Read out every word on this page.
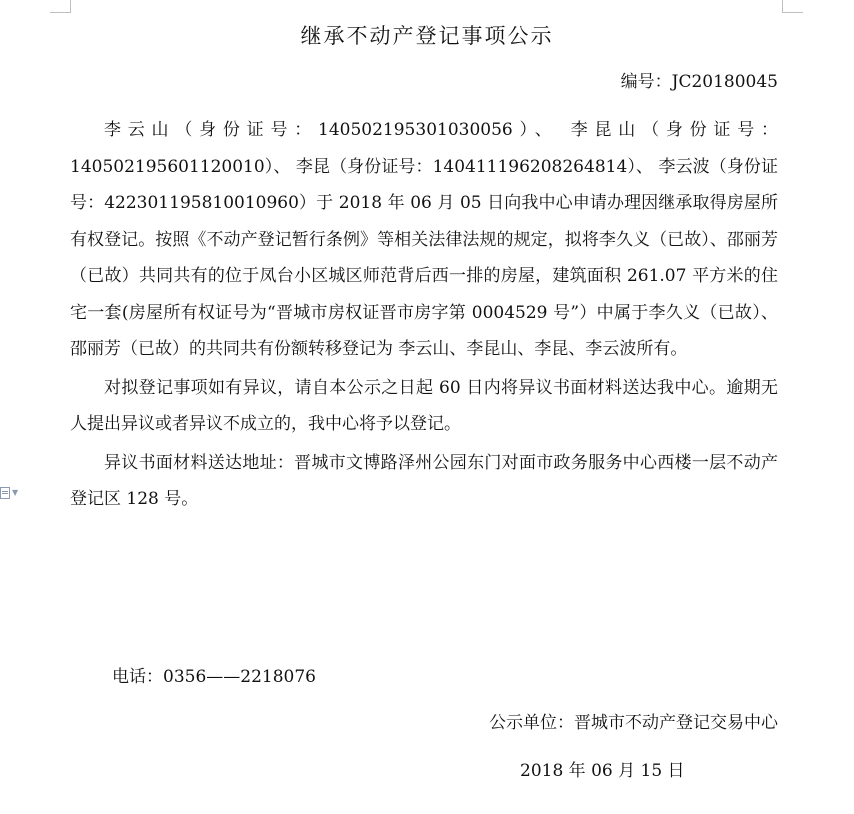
▼
继承不动产登记事项公示
编号：JC20180045

李云山（身份证号：140502195301030056）、 李昆山（身份证号：140502195601120010）、 李昆（身份证号：140411196208264814）、 李云波（身份证号：422301195810010960）于 2018 年 06 月 05 日向我中心申请办理因继承取得房屋所有权登记。按照《不动产登记暂行条例》等相关法律法规的规定，拟将李久义（已故）、邵丽芳（已故）共同共有的位于凤台小区城区师范背后西一排的房屋，建筑面积 261.07 平方米的住宅一套(房屋所有权证号为“晋城市房权证晋市房字第 0004529 号”）中属于李久义（已故）、邵丽芳（已故）的共同共有份额转移登记为 李云山、李昆山、李昆、李云波所有。

对拟登记事项如有异议，请自本公示之日起 60 日内将异议书面材料送达我中心。逾期无人提出异议或者异议不成立的，我中心将予以登记。

异议书面材料送达地址：晋城市文博路泽州公园东门对面市政务服务中心西楼一层不动产登记区 128 号。

电话：0356——2218076
公示单位：晋城市不动产登记交易中心
2018 年 06 月 15 日
